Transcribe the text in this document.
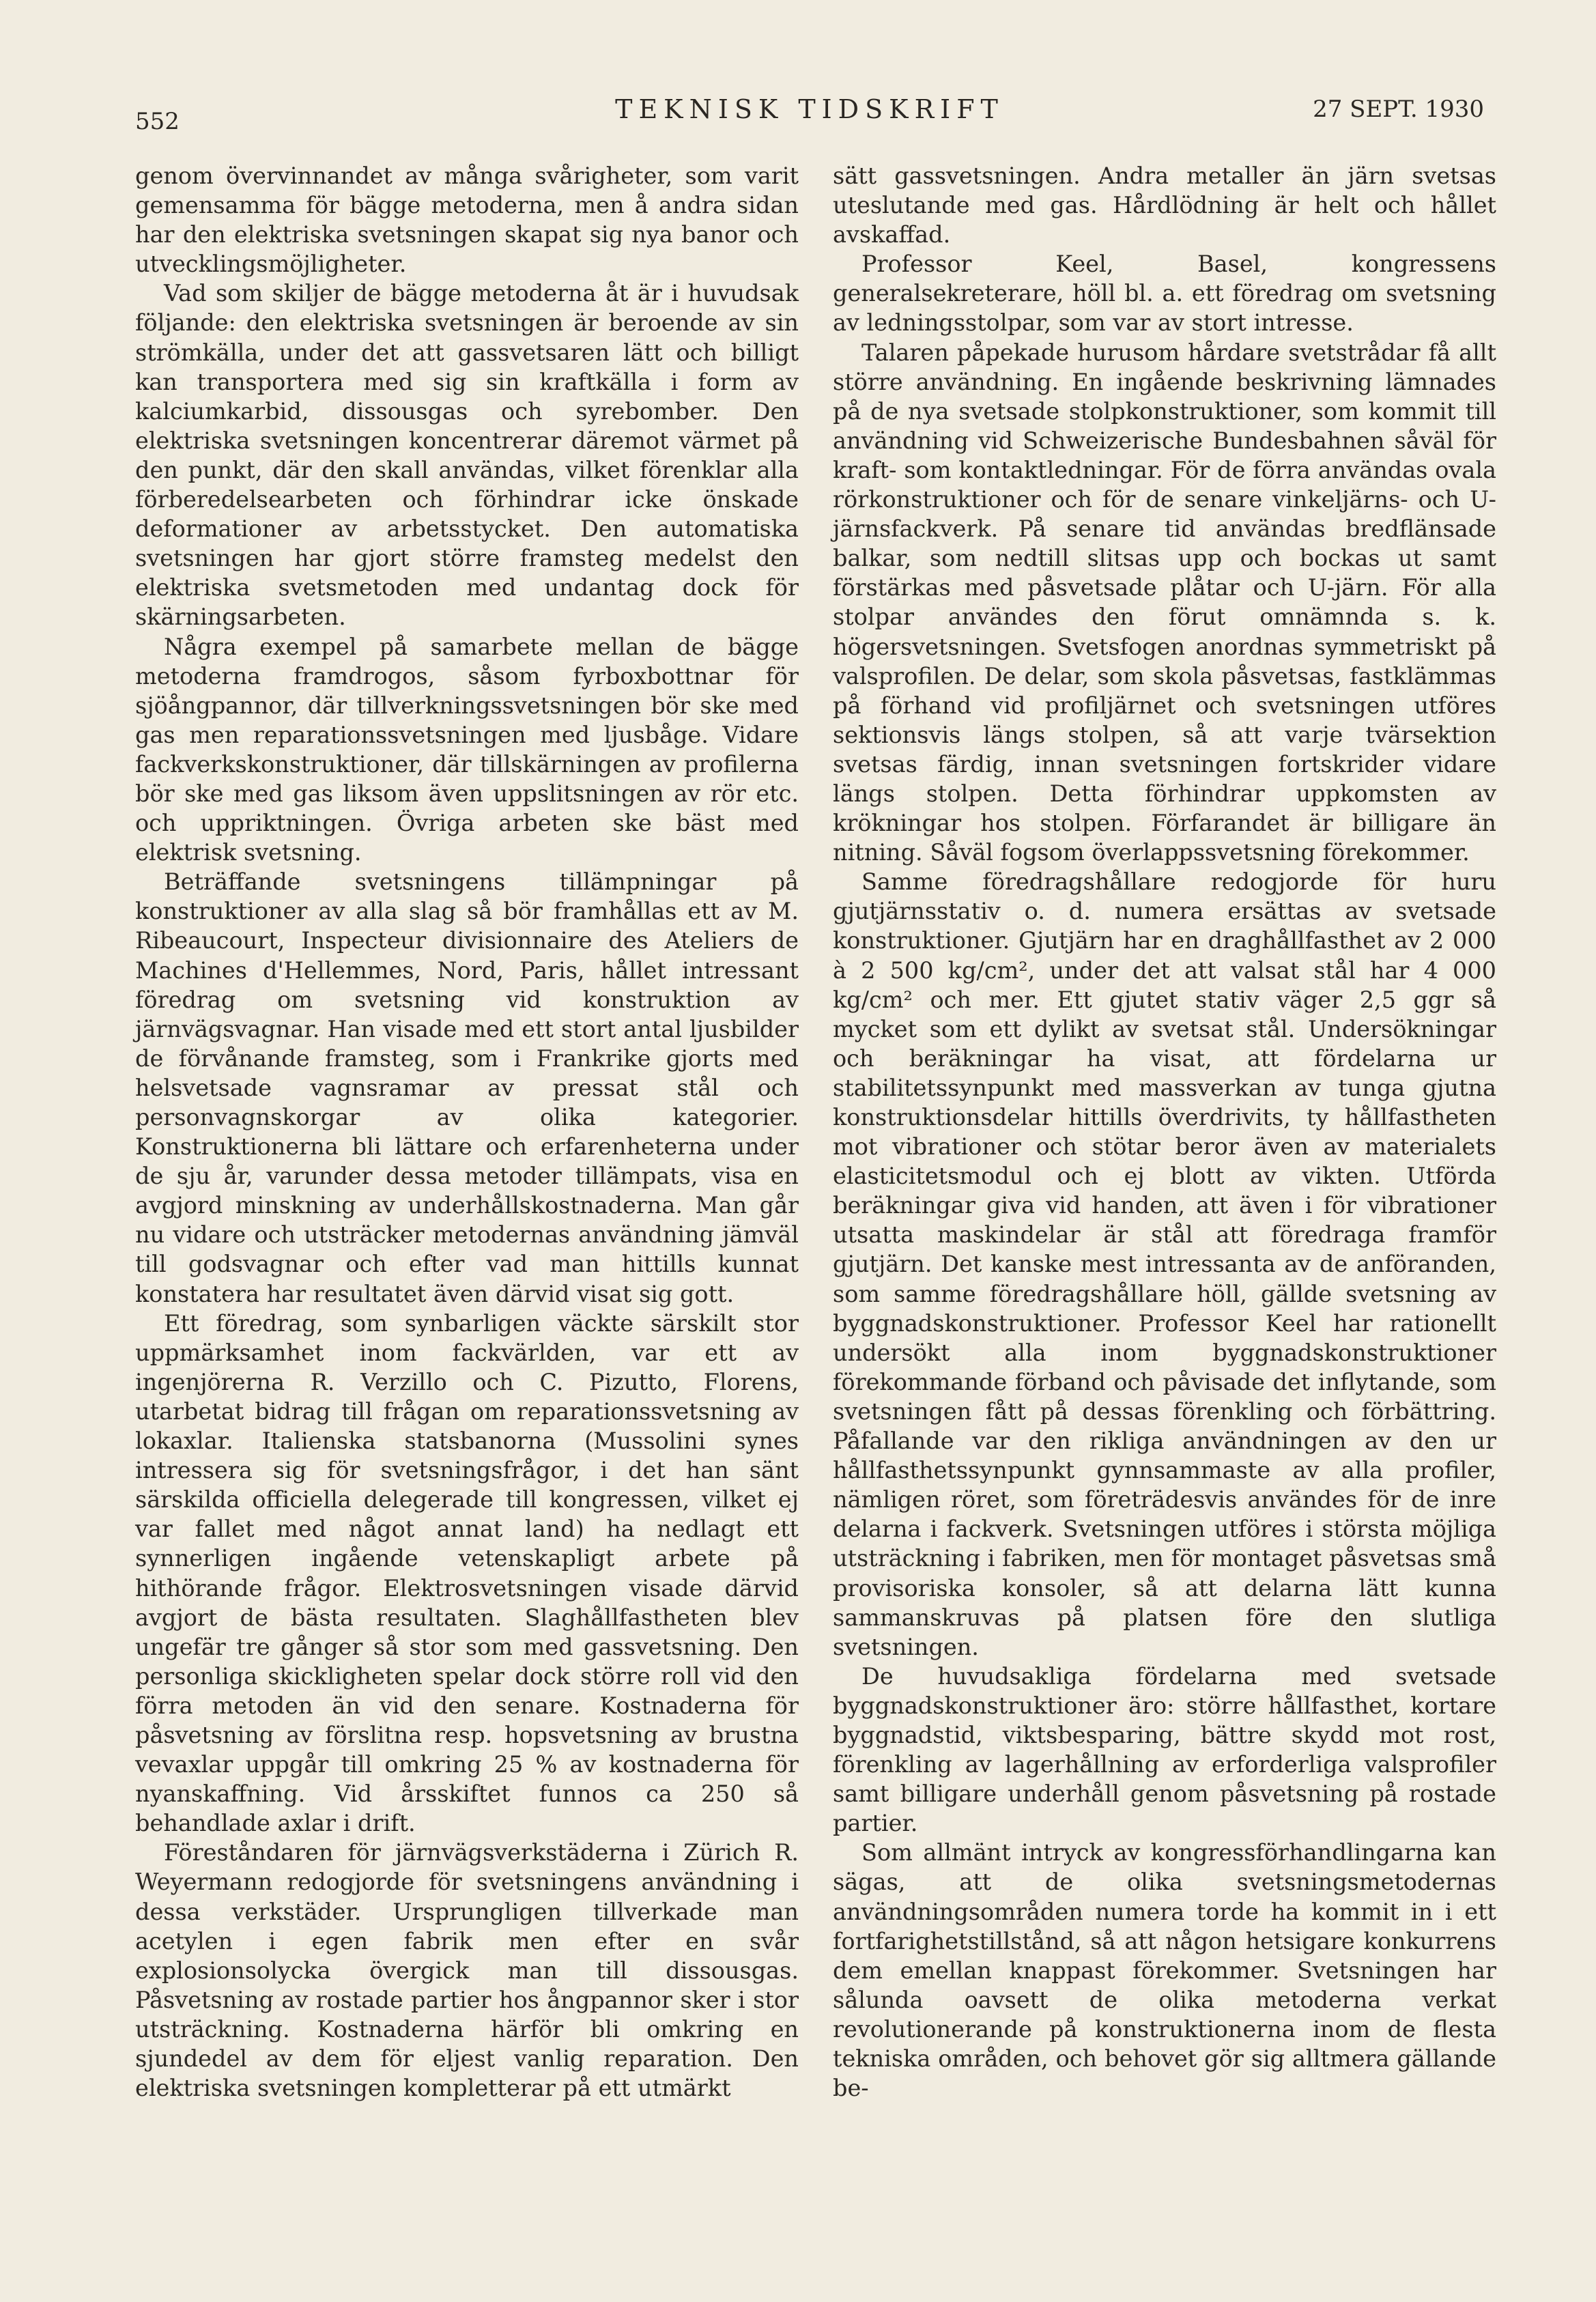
552	TEKNISK TIDSKRIFT	27 SEPT. 1930

genom övervinnandet av många svårigheter, som varit gemensamma för bägge metoderna, men å andra sidan har den elektriska svetsningen skapat sig nya banor och utvecklingsmöjligheter.

Vad som skiljer de bägge metoderna åt är i huvudsak följande: den elektriska svetsningen är beroende av sin strömkälla, under det att gassvetsaren lätt och billigt kan transportera med sig sin kraftkälla i form av kalciumkarbid, dissousgas och syrebomber. Den elektriska svetsningen koncentrerar däremot värmet på den punkt, där den skall användas, vilket förenklar alla förberedelsearbeten och förhindrar icke önskade deformationer av arbetsstycket. Den automatiska svetsningen har gjort större framsteg medelst den elektriska svetsmetoden med undantag dock för skärningsarbeten.

Några exempel på samarbete mellan de bägge metoderna framdrogos, såsom fyrboxbottnar för sjöångpannor, där tillverkningssvetsningen bör ske med gas men reparationssvetsningen med ljusbåge. Vidare fackverkskonstruktioner, där tillskärningen av profilerna bör ske med gas liksom även uppslitsningen av rör etc. och uppriktningen. Övriga arbeten ske bäst med elektrisk svetsning.

Beträffande svetsningens tillämpningar på konstruktioner av alla slag så bör framhållas ett av M. Ribeaucourt, Inspecteur divisionnaire des Ateliers de Machines d'Hellemmes, Nord, Paris, hållet intressant föredrag om svetsning vid konstruktion av järnvägsvagnar. Han visade med ett stort antal ljusbilder de förvånande framsteg, som i Frankrike gjorts med helsvetsade vagnsramar av pressat stål och personvagnskorgar av olika kategorier. Konstruktionerna bli lättare och erfarenheterna under de sju år, varunder dessa metoder tillämpats, visa en avgjord minskning av underhållskostnaderna. Man går nu vidare och utsträcker metodernas användning jämväl till godsvagnar och efter vad man hittills kunnat konstatera har resultatet även därvid visat sig gott.

Ett föredrag, som synbarligen väckte särskilt stor uppmärksamhet inom fackvärlden, var ett av ingenjörerna R. Verzillo och C. Pizutto, Florens, utarbetat bidrag till frågan om reparationssvetsning av lokaxlar. Italienska statsbanorna (Mussolini synes intressera sig för svetsningsfrågor, i det han sänt särskilda officiella delegerade till kongressen, vilket ej var fallet med något annat land) ha nedlagt ett synnerligen ingående vetenskapligt arbete på hithörande frågor. Elektrosvetsningen visade därvid avgjort de bästa resultaten. Slaghållfastheten blev ungefär tre gånger så stor som med gassvetsning. Den personliga skickligheten spelar dock större roll vid den förra metoden än vid den senare. Kostnaderna för påsvetsning av förslitna resp. hopsvetsning av brustna vevaxlar uppgår till omkring 25 % av kostnaderna för nyanskaffning. Vid årsskiftet funnos ca 250 så behandlade axlar i drift.

Föreståndaren för järnvägsverkstäderna i Zürich R. Weyermann redogjorde för svetsningens användning i dessa verkstäder. Ursprungligen tillverkade man acetylen i egen fabrik men efter en svår explosionsolycka övergick man till dissousgas. Påsvetsning av rostade partier hos ångpannor sker i stor utsträckning. Kostnaderna härför bli omkring en sjundedel av dem för eljest vanlig reparation. Den elektriska svetsningen kompletterar på ett utmärkt

sätt gassvetsningen. Andra metaller än järn svetsas uteslutande med gas. Hårdlödning är helt och hållet avskaffad.

Professor Keel, Basel, kongressens generalsekreterare, höll bl. a. ett föredrag om svetsning av ledningsstolpar, som var av stort intresse.

Talaren påpekade hurusom hårdare svetstrådar få allt större användning. En ingående beskrivning lämnades på de nya svetsade stolpkonstruktioner, som kommit till användning vid Schweizerische Bundesbahnen såväl för kraft- som kontaktledningar. För de förra användas ovala rörkonstruktioner och för de senare vinkeljärns- och U-järnsfackverk. På senare tid användas bredflänsade balkar, som nedtill slitsas upp och bockas ut samt förstärkas med påsvetsade plåtar och U-järn. För alla stolpar användes den förut omnämnda s. k. högersvetsningen. Svetsfogen anordnas symmetriskt på valsprofilen. De delar, som skola påsvetsas, fastklämmas på förhand vid profiljärnet och svetsningen utföres sektionsvis längs stolpen, så att varje tvärsektion svetsas färdig, innan svetsningen fortskrider vidare längs stolpen. Detta förhindrar uppkomsten av krökningar hos stolpen. Förfarandet är billigare än nitning. Såväl fogsom överlappssvetsning förekommer.

Samme föredragshållare redogjorde för huru gjutjärnsstativ o. d. numera ersättas av svetsade konstruktioner. Gjutjärn har en draghållfasthet av 2 000 à 2 500 kg/cm², under det att valsat stål har 4 000 kg/cm² och mer. Ett gjutet stativ väger 2,5 ggr så mycket som ett dylikt av svetsat stål. Undersökningar och beräkningar ha visat, att fördelarna ur stabilitetssynpunkt med massverkan av tunga gjutna konstruktionsdelar hittills överdrivits, ty hållfastheten mot vibrationer och stötar beror även av materialets elasticitetsmodul och ej blott av vikten. Utförda beräkningar giva vid handen, att även i för vibrationer utsatta maskindelar är stål att föredraga framför gjutjärn. Det kanske mest intressanta av de anföranden, som samme föredragshållare höll, gällde svetsning av byggnadskonstruktioner. Professor Keel har rationellt undersökt alla inom byggnadskonstruktioner förekommande förband och påvisade det inflytande, som svetsningen fått på dessas förenkling och förbättring. Påfallande var den rikliga användningen av den ur hållfasthetssynpunkt gynnsammaste av alla profiler, nämligen röret, som företrädesvis användes för de inre delarna i fackverk. Svetsningen utföres i största möjliga utsträckning i fabriken, men för montaget påsvetsas små provisoriska konsoler, så att delarna lätt kunna sammanskruvas på platsen före den slutliga svetsningen.

De huvudsakliga fördelarna med svetsade byggnadskonstruktioner äro: större hållfasthet, kortare byggnadstid, viktsbesparing, bättre skydd mot rost, förenkling av lagerhållning av erforderliga valsprofiler samt billigare underhåll genom påsvetsning på rostade partier.

Som allmänt intryck av kongressförhandlingarna kan sägas, att de olika svetsningsmetodernas användningsområden numera torde ha kommit in i ett fortfarighetstillstånd, så att någon hetsigare konkurrens dem emellan knappast förekommer. Svetsningen har sålunda oavsett de olika metoderna verkat revolutionerande på konstruktionerna inom de flesta tekniska områden, och behovet gör sig alltmera gällande be-
